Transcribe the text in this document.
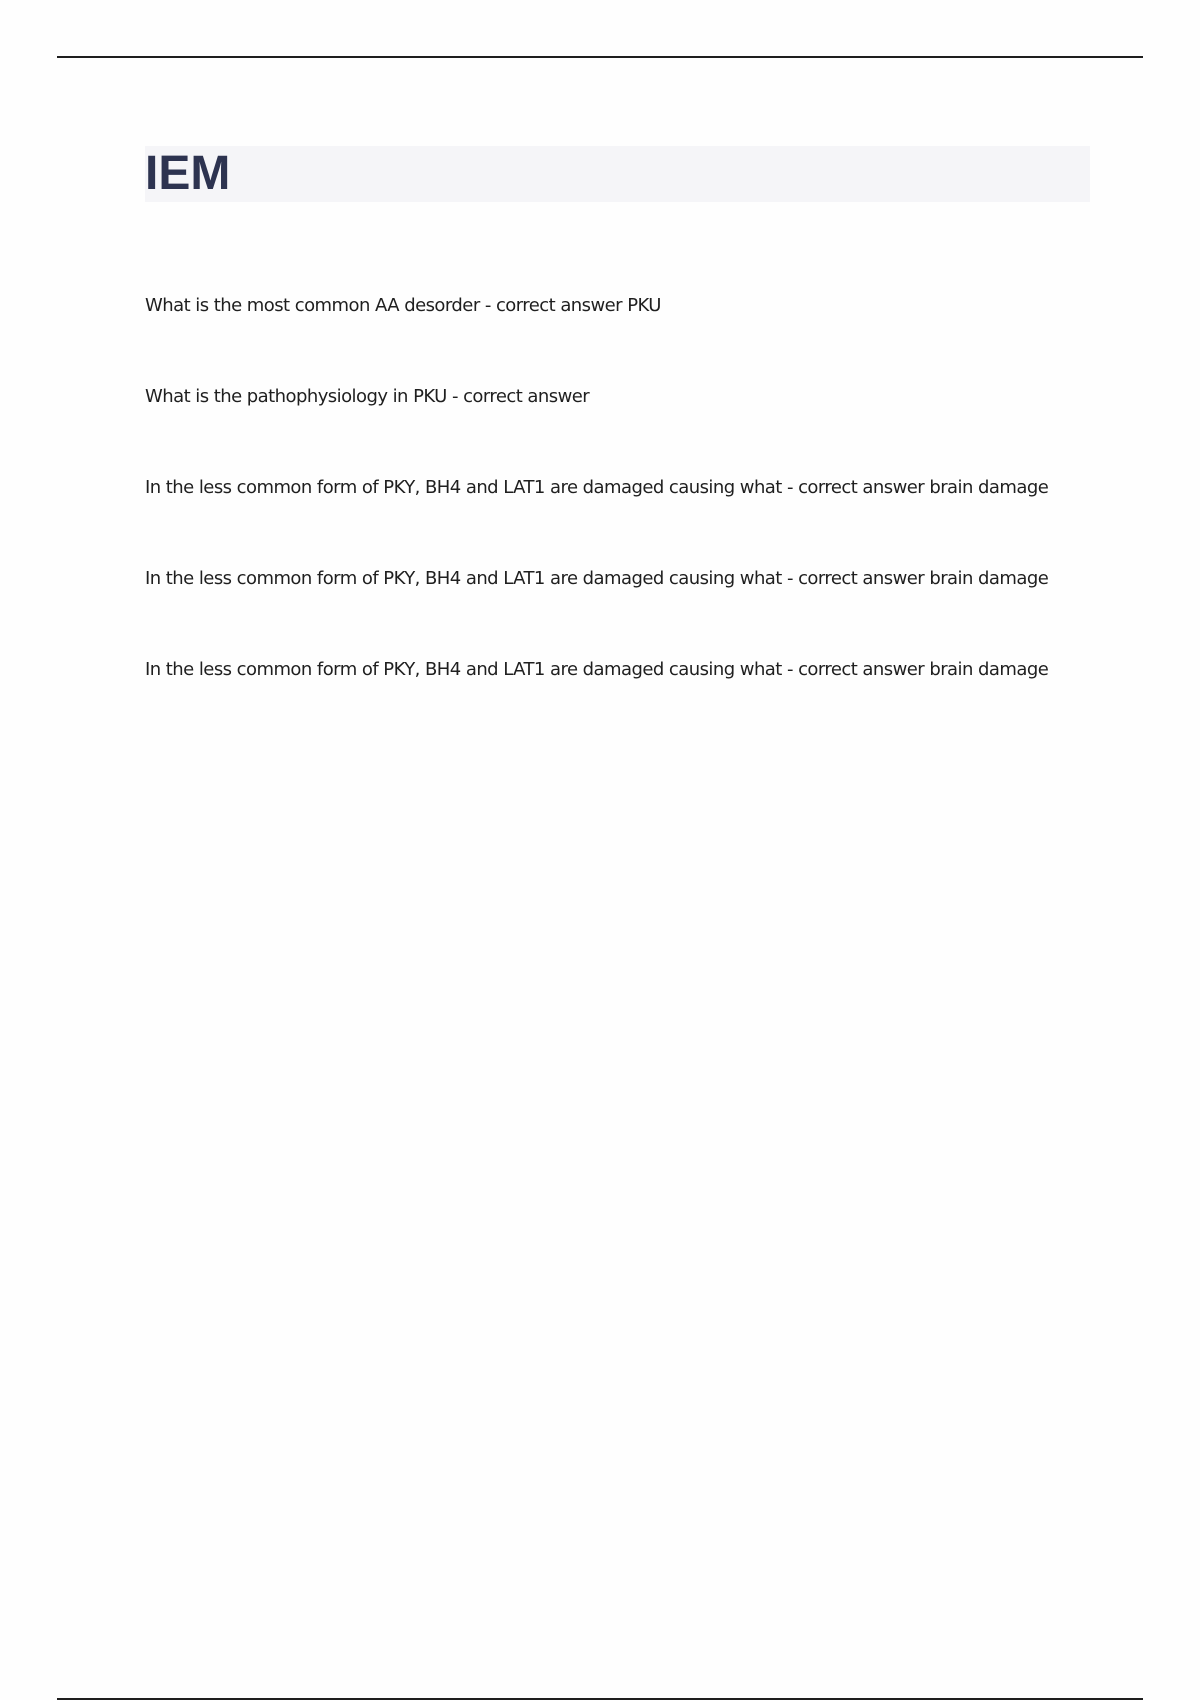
IEM
What is the most common AA desorder - correct answer PKU
What is the pathophysiology in PKU - correct answer
In the less common form of PKY, BH4 and LAT1 are damaged causing what - correct answer brain damage
In the less common form of PKY, BH4 and LAT1 are damaged causing what - correct answer brain damage
In the less common form of PKY, BH4 and LAT1 are damaged causing what - correct answer brain damage
